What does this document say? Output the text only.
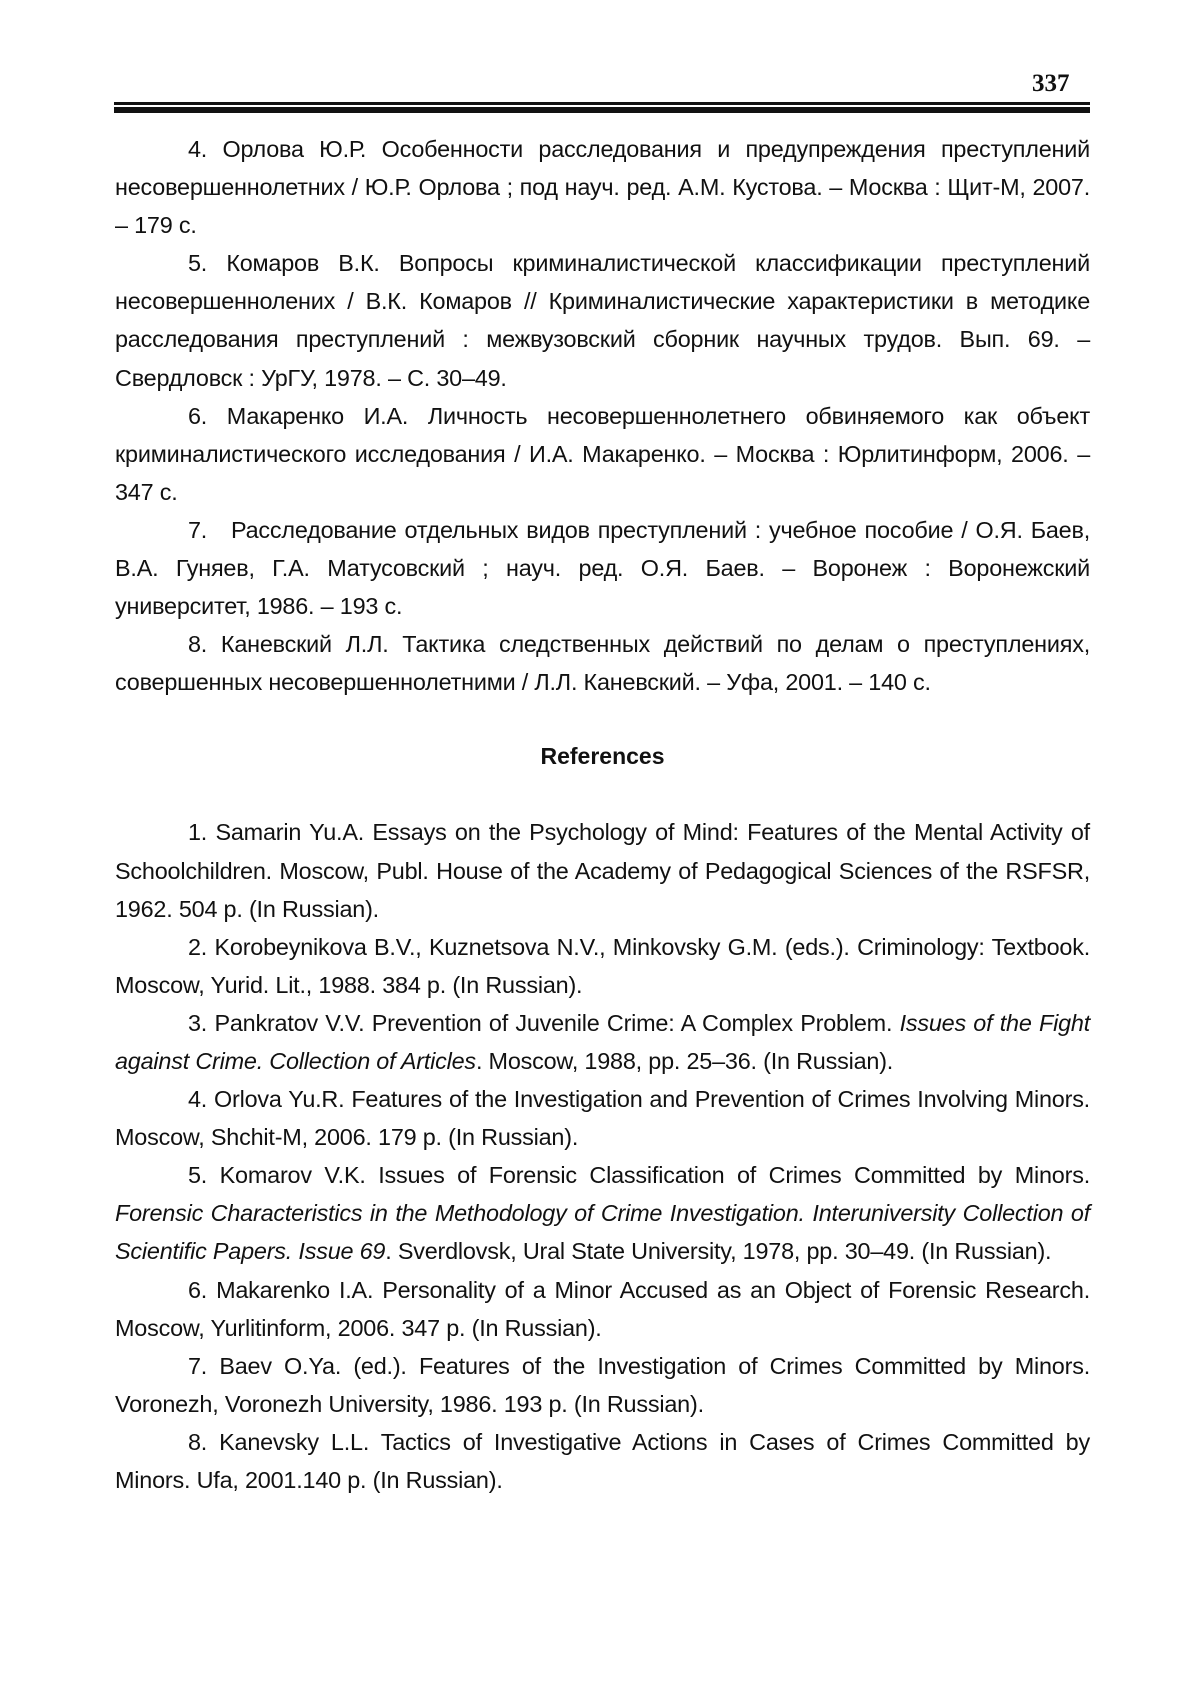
337

4. Орлова Ю.Р. Особенности расследования и предупреждения преступлений несовершеннолетних / Ю.Р. Орлова ; под науч. ред. А.М. Кустова. – Москва : Щит-М, 2007. – 179 с.

5. Комаров В.К. Вопросы криминалистической классификации преступлений несовершеннолених / В.К. Комаров // Криминалистические характеристики в методике расследования преступлений : межвузовский сборник научных трудов. Вып. 69. – Свердловск : УрГУ, 1978. – С. 30–49.

6. Макаренко И.А. Личность несовершеннолетнего обвиняемого как объект криминалистического исследования / И.А. Макаренко. – Москва : Юрлитинформ, 2006. – 347 с.

7. Расследование отдельных видов преступлений : учебное пособие / О.Я. Баев, В.А. Гуняев, Г.А. Матусовский ; науч. ред. О.Я. Баев. – Воронеж : Воронежский университет, 1986. – 193 с.

8. Каневский Л.Л. Тактика следственных действий по делам о преступлениях, совершенных несовершеннолетними / Л.Л. Каневский. – Уфа, 2001. – 140 с.

References

1. Samarin Yu.A. Essays on the Psychology of Mind: Features of the Mental Activity of Schoolchildren. Moscow, Publ. House of the Academy of Pedagogical Sciences of the RSFSR, 1962. 504 p. (In Russian).

2. Korobeynikova B.V., Kuznetsova N.V., Minkovsky G.M. (eds.). Criminology: Textbook. Moscow, Yurid. Lit., 1988. 384 p. (In Russian).

3. Pankratov V.V. Prevention of Juvenile Crime: A Complex Problem. Issues of the Fight against Crime. Collection of Articles. Moscow, 1988, pp. 25–36. (In Russian).

4. Orlova Yu.R. Features of the Investigation and Prevention of Crimes Involving Minors. Moscow, Shchit-M, 2006. 179 p. (In Russian).

5. Komarov V.K. Issues of Forensic Classification of Crimes Committed by Minors. Forensic Characteristics in the Methodology of Crime Investigation. Interuniversity Collection of Scientific Papers. Issue 69. Sverdlovsk, Ural State University, 1978, pp. 30–49. (In Russian).

6. Makarenko I.A. Personality of a Minor Accused as an Object of Forensic Research. Moscow, Yurlitinform, 2006. 347 p. (In Russian).

7. Baev O.Ya. (ed.). Features of the Investigation of Crimes Committed by Minors. Voronezh, Voronezh University, 1986. 193 p. (In Russian).

8. Kanevsky L.L. Tactics of Investigative Actions in Cases of Crimes Committed by Minors. Ufa, 2001.140 p. (In Russian).
